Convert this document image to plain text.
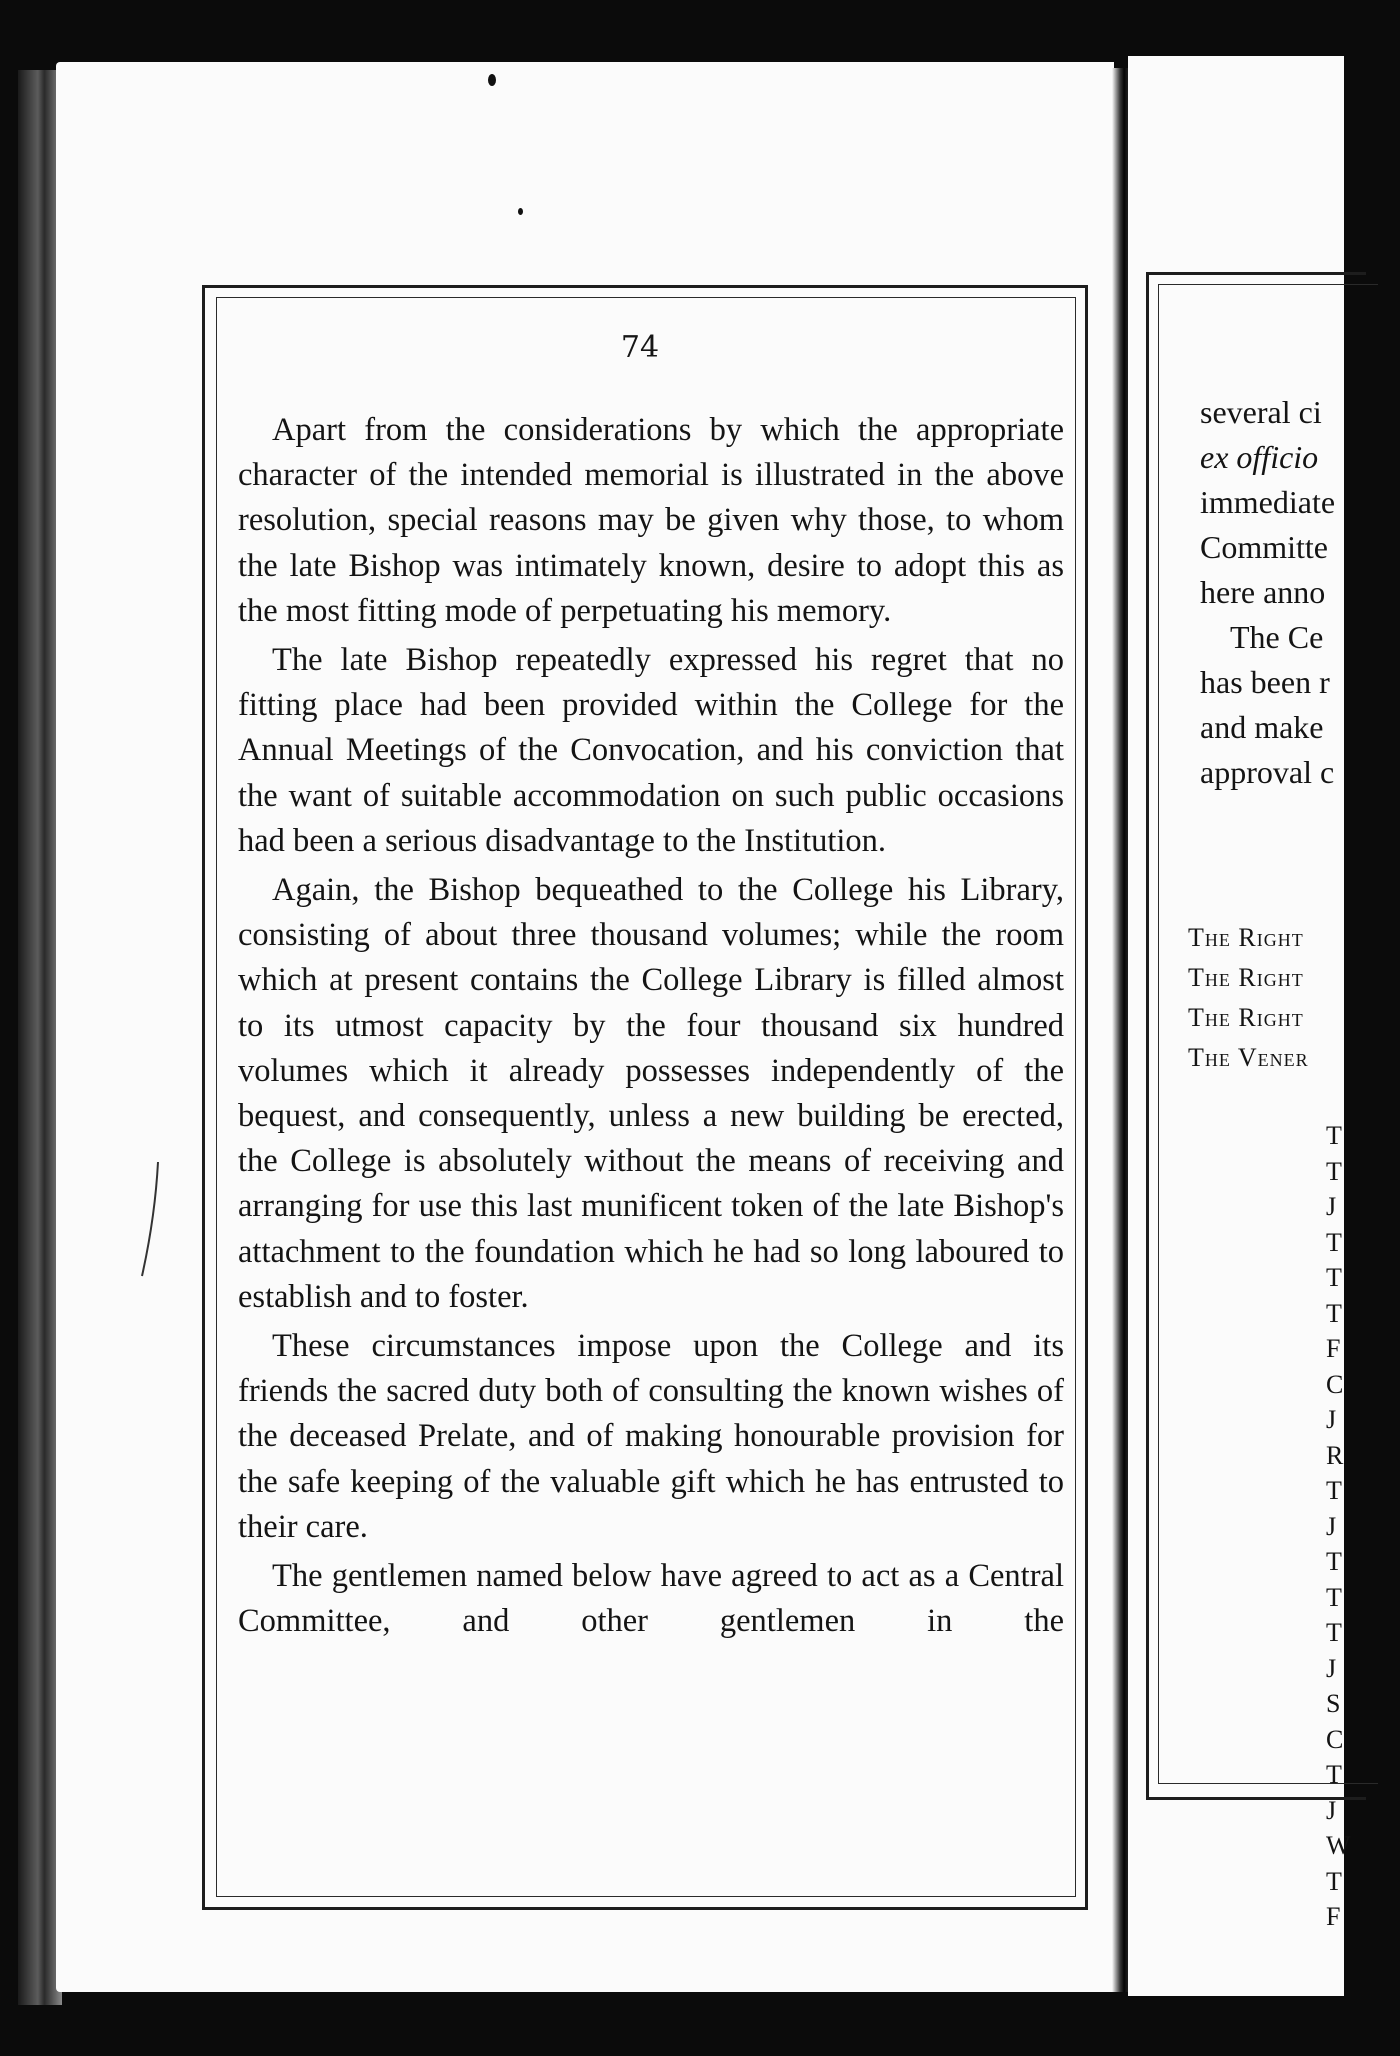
74

Apart from the considerations by which the appropriate character of the intended memorial is illustrated in the above resolution, special reasons may be given why those, to whom the late Bishop was intimately known, desire to adopt this as the most fitting mode of perpetuating his memory.

The late Bishop repeatedly expressed his regret that no fitting place had been provided within the College for the Annual Meetings of the Convocation, and his conviction that the want of suitable accommodation on such public occasions had been a serious disadvantage to the Institution.

Again, the Bishop bequeathed to the College his Library, consisting of about three thousand volumes; while the room which at present contains the College Library is filled almost to its utmost capacity by the four thousand six hundred volumes which it already possesses independently of the bequest, and consequently, unless a new building be erected, the College is absolutely without the means of receiving and arranging for use this last munificent token of the late Bishop's attachment to the foundation which he had so long laboured to establish and to foster.

These circumstances impose upon the College and its friends the sacred duty both of consulting the known wishes of the deceased Prelate, and of making honourable provision for the safe keeping of the valuable gift which he has entrusted to their care.

The gentlemen named below have agreed to act as a Central Committee, and other gentlemen in the

several ci
ex officio
immediate
Committe
here anno
The Ce
has been r
and make
approval c
The Right
The Right
The Right
The Vener
T
T
J
T
T
T
F
C
J
R
T
J
T
T
T
J
S
C
T
J
W
T
F
